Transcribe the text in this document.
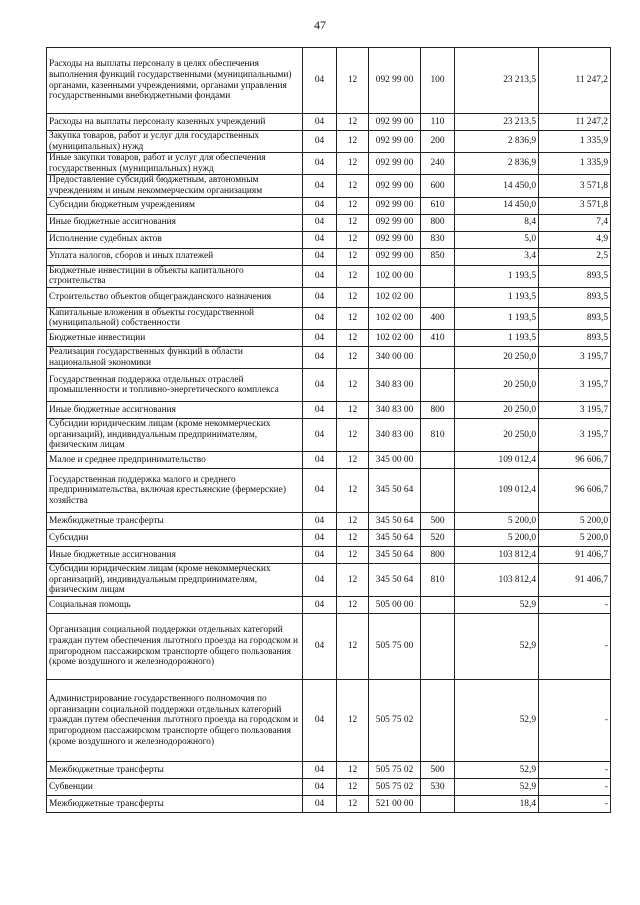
47
Расходы на выплаты персоналу в целях обеспечения выполнения функций государственными (муниципальными) органами, казенными учреждениями, органами управления государственными внебюджетными фондами	04	12	092 99 00	100	23 213,5	11 247,2
Расходы на выплаты персоналу казенных учреждений	04	12	092 99 00	110	23 213,5	11 247,2
Закупка товаров, работ и услуг для государственных (муниципальных) нужд	04	12	092 99 00	200	2 836,9	1 335,9
Иные закупки товаров, работ и услуг для обеспечения государственных (муниципальных) нужд	04	12	092 99 00	240	2 836,9	1 335,9
Предоставление субсидий бюджетным, автономным учреждениям и иным некоммерческим организациям	04	12	092 99 00	600	14 450,0	3 571,8
Субсидии бюджетным учреждениям	04	12	092 99 00	610	14 450,0	3 571,8
Иные бюджетные ассигнования	04	12	092 99 00	800	8,4	7,4
Исполнение судебных актов	04	12	092 99 00	830	5,0	4,9
Уплата налогов, сборов и иных платежей	04	12	092 99 00	850	3,4	2,5
Бюджетные инвестиции в объекты капитального строительства	04	12	102 00 00		1 193,5	893,5
Строительство объектов общегражданского назначения	04	12	102 02 00		1 193,5	893,5
Капитальные вложения в объекты государственной (муниципальной) собственности	04	12	102 02 00	400	1 193,5	893,5
Бюджетные инвестиции	04	12	102 02 00	410	1 193,5	893,5
Реализация государственных функций в области национальной экономики	04	12	340 00 00		20 250,0	3 195,7
Государственная поддержка отдельных отраслей промышленности и топливно-энергетического комплекса	04	12	340 83 00		20 250,0	3 195,7
Иные бюджетные ассигнования	04	12	340 83 00	800	20 250,0	3 195,7
Субсидии юридическим лицам (кроме некоммерческих организаций), индивидуальным предпринимателям, физическим лицам	04	12	340 83 00	810	20 250,0	3 195,7
Малое и среднее предпринимательство	04	12	345 00 00		109 012,4	96 606,7
Государственная поддержка малого и среднего предпринимательства, включая крестьянские (фермерские) хозяйства	04	12	345 50 64		109 012,4	96 606,7
Межбюджетные трансферты	04	12	345 50 64	500	5 200,0	5 200,0
Субсидии	04	12	345 50 64	520	5 200,0	5 200,0
Иные бюджетные ассигнования	04	12	345 50 64	800	103 812,4	91 406,7
Субсидии юридическим лицам (кроме некоммерческих организаций), индивидуальным предпринимателям, физическим лицам	04	12	345 50 64	810	103 812,4	91 406,7
Социальная помощь	04	12	505 00 00		52,9	-
Организация социальной поддержки отдельных категорий граждан путем обеспечения льготного проезда на городском и пригородном пассажирском транспорте общего пользования (кроме воздушного и железнодорожного)	04	12	505 75 00		52,9	-
Администрирование государственного полномочия по организации социальной поддержки отдельных категорий граждан путем обеспечения льготного проезда на городском и пригородном пассажирском транспорте общего пользования (кроме воздушного и железнодорожного)	04	12	505 75 02		52,9	-
Межбюджетные трансферты	04	12	505 75 02	500	52,9	-
Субвенции	04	12	505 75 02	530	52,9	-
Межбюджетные трансферты	04	12	521 00 00		18,4	-
